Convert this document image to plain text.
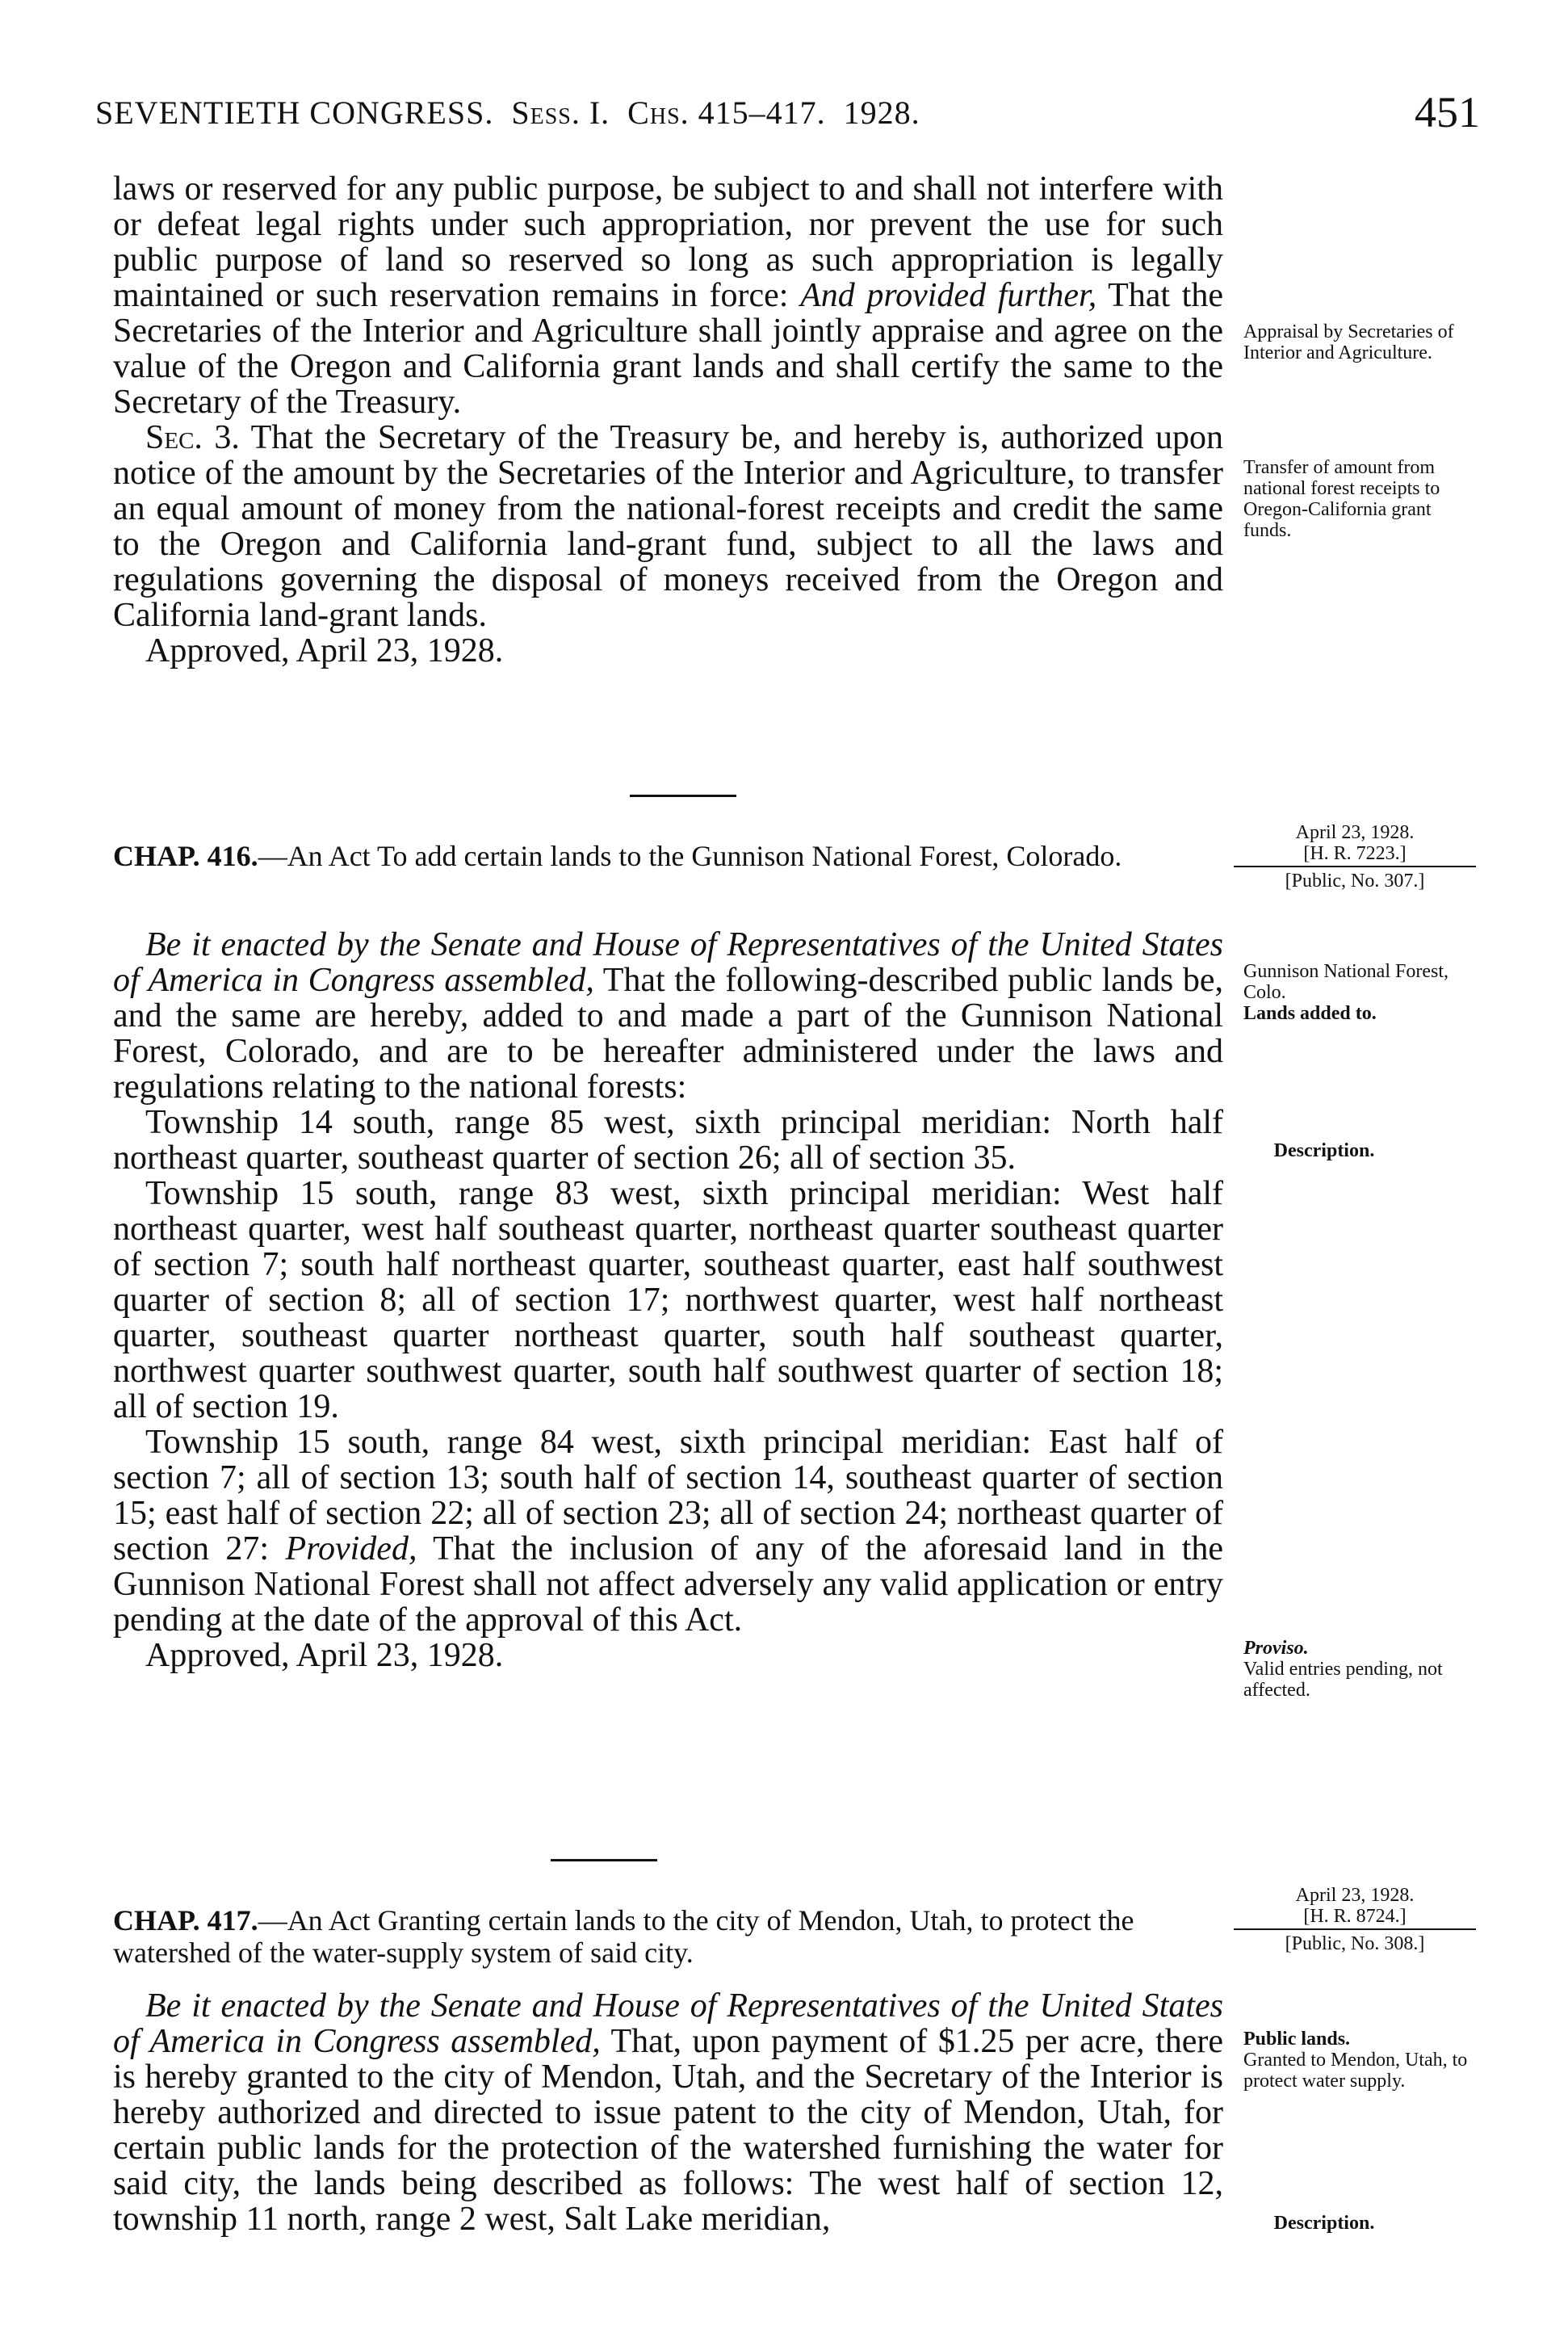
SEVENTIETH CONGRESS. Sess. I. Chs. 415–417. 1928.	451

laws or reserved for any public purpose, be subject to and shall not interfere with or defeat legal rights under such appropriation, nor prevent the use for such public purpose of land so reserved so long as such appropriation is legally maintained or such reservation remains in force: And provided further, That the Secretaries of the Interior and Agriculture shall jointly appraise and agree on the value of the Oregon and California grant lands and shall certify the same to the Secretary of the Treasury.

Sec. 3. That the Secretary of the Treasury be, and hereby is, authorized upon notice of the amount by the Secretaries of the Interior and Agriculture, to transfer an equal amount of money from the national-forest receipts and credit the same to the Oregon and California land-grant fund, subject to all the laws and regulations governing the disposal of moneys received from the Oregon and California land-grant lands.

Approved, April 23, 1928.

Appraisal by Secretaries of Interior and Agriculture.
Transfer of amount from national forest receipts to Oregon-California grant funds.
April 23, 1928.
[H. R. 7223.]
[Public, No. 307.]
CHAP. 416.—An Act To add certain lands to the Gunnison National Forest, Colorado.

Be it enacted by the Senate and House of Representatives of the United States of America in Congress assembled, That the following-described public lands be, and the same are hereby, added to and made a part of the Gunnison National Forest, Colorado, and are to be hereafter administered under the laws and regulations relating to the national forests:

Township 14 south, range 85 west, sixth principal meridian: North half northeast quarter, southeast quarter of section 26; all of section 35.

Township 15 south, range 83 west, sixth principal meridian: West half northeast quarter, west half southeast quarter, northeast quarter southeast quarter of section 7; south half northeast quarter, southeast quarter, east half southwest quarter of section 8; all of section 17; northwest quarter, west half northeast quarter, southeast quarter northeast quarter, south half southeast quarter, northwest quarter southwest quarter, south half southwest quarter of section 18; all of section 19.

Township 15 south, range 84 west, sixth principal meridian: East half of section 7; all of section 13; south half of section 14, southeast quarter of section 15; east half of section 22; all of section 23; all of section 24; northeast quarter of section 27: Provided, That the inclusion of any of the aforesaid land in the Gunnison National Forest shall not affect adversely any valid application or entry pending at the date of the approval of this Act.

Approved, April 23, 1928.

Gunnison National Forest, Colo.
Lands added to.
Description.
Proviso.
Valid entries pending, not affected.
April 23, 1928.
[H. R. 8724.]
[Public, No. 308.]
CHAP. 417.—An Act Granting certain lands to the city of Mendon, Utah, to protect the watershed of the water-supply system of said city.

Be it enacted by the Senate and House of Representatives of the United States of America in Congress assembled, That, upon payment of $1.25 per acre, there is hereby granted to the city of Mendon, Utah, and the Secretary of the Interior is hereby authorized and directed to issue patent to the city of Mendon, Utah, for certain public lands for the protection of the watershed furnishing the water for said city, the lands being described as follows: The west half of section 12, township 11 north, range 2 west, Salt Lake meridian,

Public lands.
Granted to Mendon, Utah, to protect water supply.
Description.
